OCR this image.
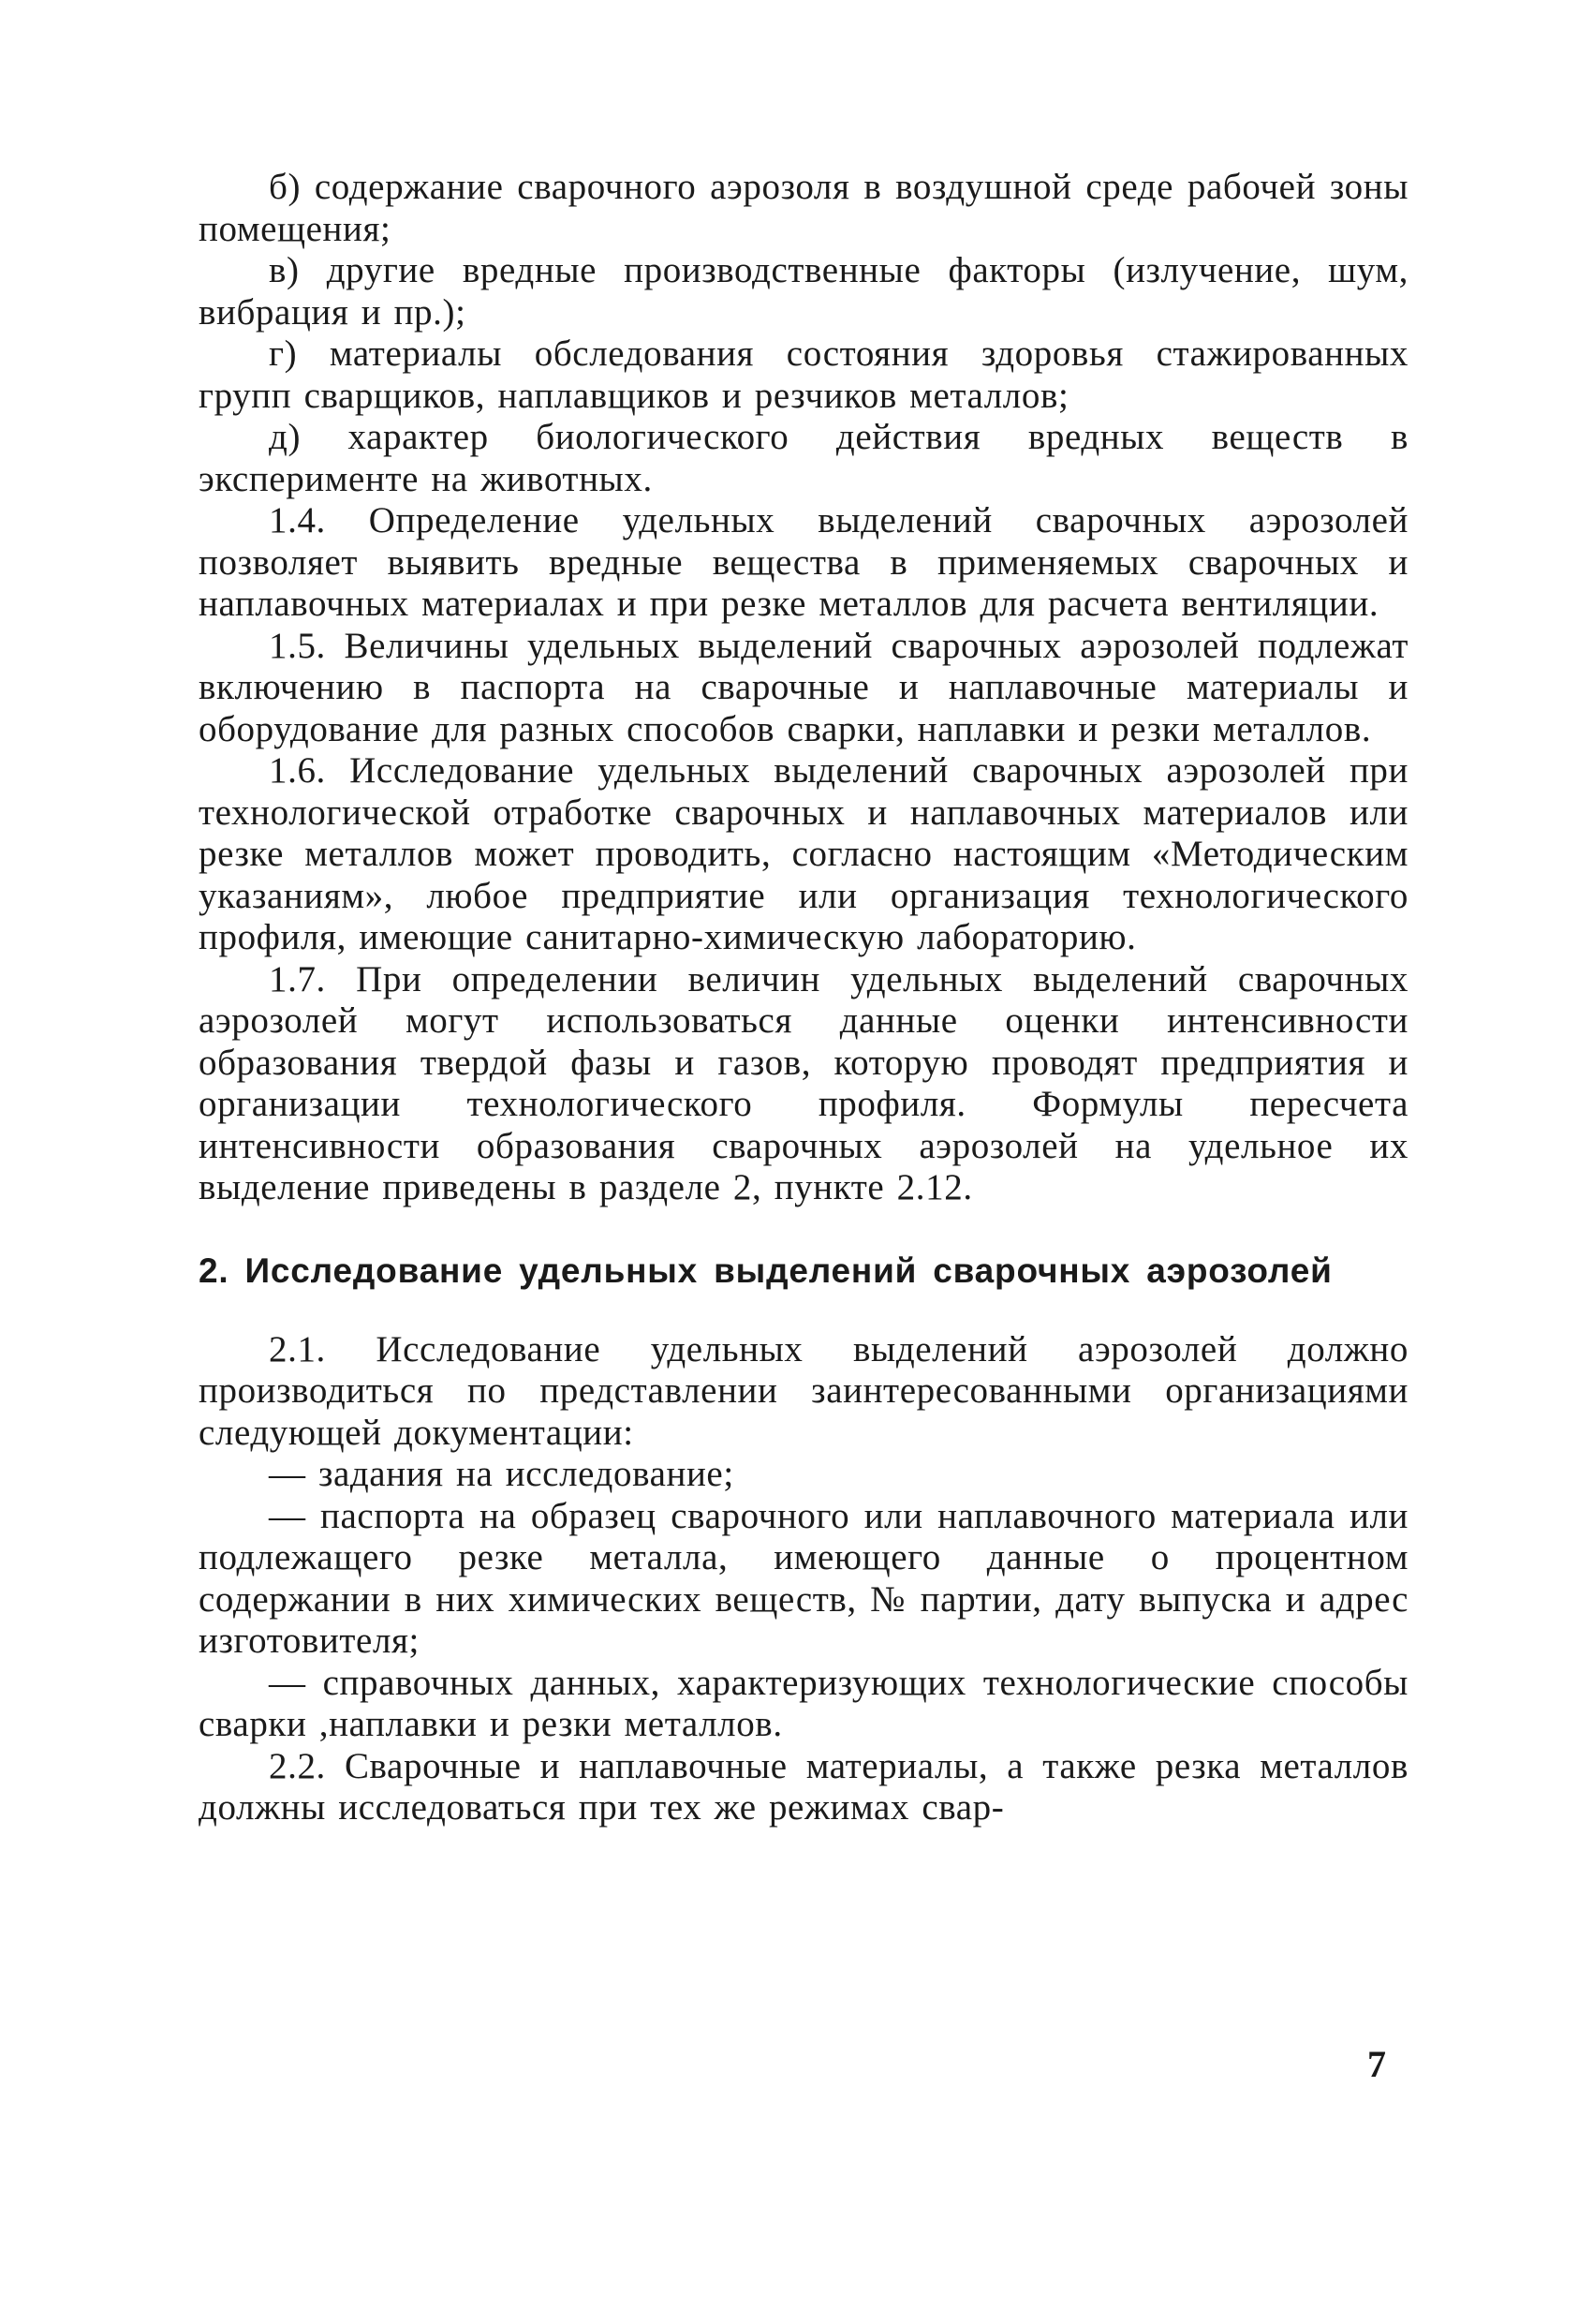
б) содержание сварочного аэрозоля в воздушной среде рабочей зоны помещения;

в) другие вредные производственные факторы (излучение, шум, вибрация и пр.);

г) материалы обследования состояния здоровья стажированных групп сварщиков, наплавщиков и резчиков металлов;

д) характер биологического действия вредных веществ в эксперименте на животных.

1.4. Определение удельных выделений сварочных аэрозолей позволяет выявить вредные вещества в применяемых сварочных и наплавочных материалах и при резке металлов для расчета вентиляции.

1.5. Величины удельных выделений сварочных аэрозолей подлежат включению в паспорта на сварочные и наплавочные материалы и оборудование для разных способов сварки, наплавки и резки металлов.

1.6. Исследование удельных выделений сварочных аэрозолей при технологической отработке сварочных и наплавочных материалов или резке металлов может проводить, согласно настоящим «Методическим указаниям», любое предприятие или организация технологического профиля, имеющие санитарно-химическую лабораторию.

1.7. При определении величин удельных выделений сварочных аэрозолей могут использоваться данные оценки интенсивности образования твердой фазы и газов, которую проводят предприятия и организации технологического профиля. Формулы пересчета интенсивности образования сварочных аэрозолей на удельное их выделение приведены в разделе 2, пункте 2.12.

2. Исследование удельных выделений сварочных аэрозолей

2.1. Исследование удельных выделений аэрозолей должно производиться по представлении заинтересованными организациями следующей документации:

— задания на исследование;

— паспорта на образец сварочного или наплавочного материала или подлежащего резке металла, имеющего данные о процентном содержании в них химических веществ, № партии, дату выпуска и адрес изготовителя;

— справочных данных, характеризующих технологические способы сварки ,наплавки и резки металлов.

2.2. Сварочные и наплавочные материалы, а также резка металлов должны исследоваться при тех же режимах свар-

7
